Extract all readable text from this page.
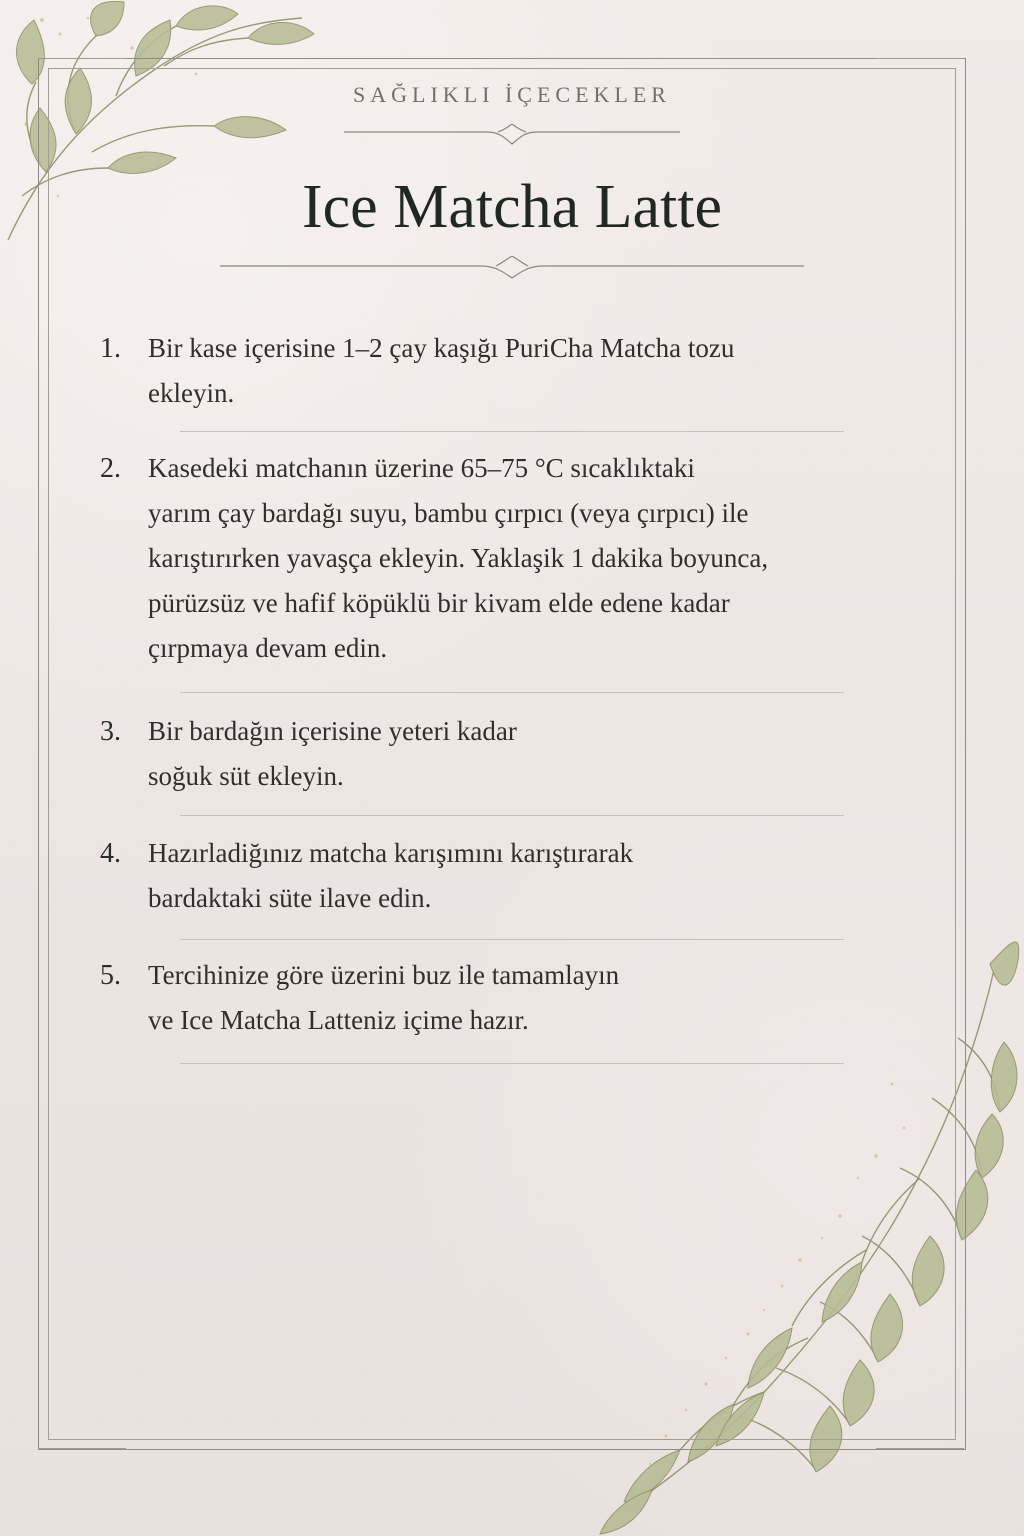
SAĞLIKLI İÇECEKLER
Ice Matcha Latte
1.	Bir kase içerisine 1–2 çay kaşığı PuriCha Matcha tozu
ekleyin.
2.	Kasedeki matchanın üzerine 65–75 °C sıcaklıktaki
yarım çay bardağı suyu, bambu çırpıcı (veya çırpıcı) ile
karıştırırken yavaşça ekleyin. Yaklaşik 1 dakika boyunca,
pürüzsüz ve hafif köpüklü bir kivam elde edene kadar
çırpmaya devam edin.
3.	Bir bardağın içerisine yeteri kadar
soğuk süt ekleyin.
4.	Hazırladiğınız matcha karışımını karıştırarak
bardaktaki süte ilave edin.
5.	Tercihinize göre üzerini buz ile tamamlayın
ve Ice Matcha Latteniz içime hazır.
